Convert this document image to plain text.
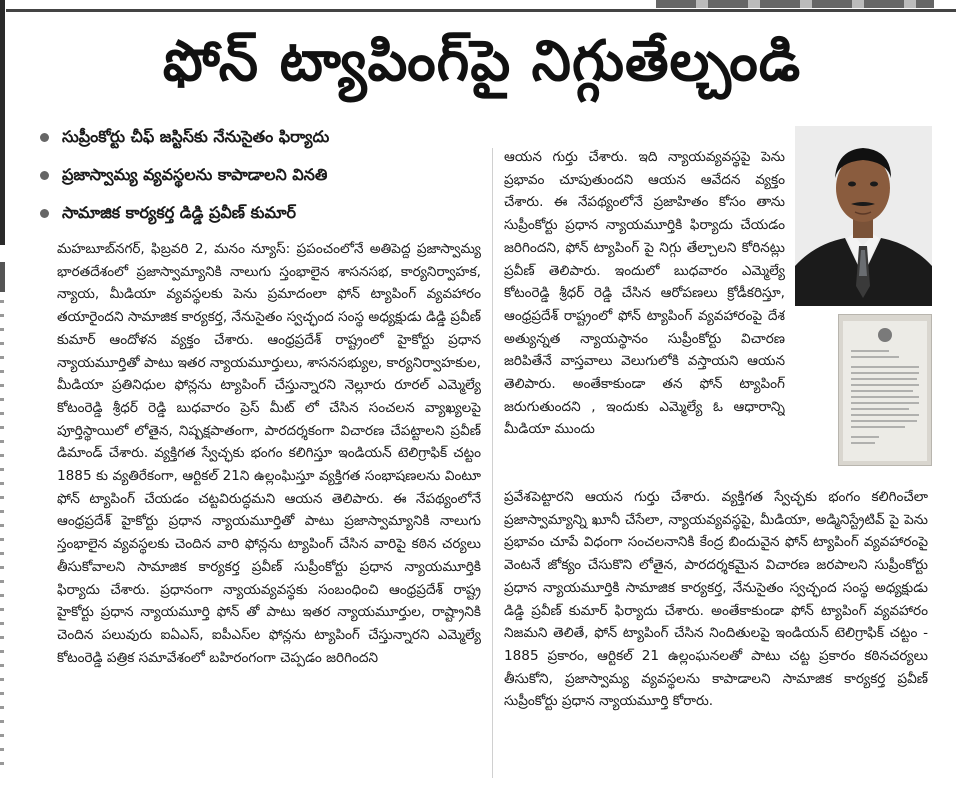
ఫోన్ ట్యాపింగ్‌పై నిగ్గుతేల్చండి
సుప్రీంకోర్టు చీఫ్ జస్టిస్‌కు నేనుసైతం ఫిర్యాదు
ప్రజాస్వామ్య వ్యవస్థలను కాపాడాలని వినతి
సామాజిక కార్యకర్త డిడ్డి ప్రవీణ్ కుమార్

మహబూబ్‌నగర్, ఫిబ్రవరి 2, మనం న్యూస్: ప్రపంచంలోనే అతిపెద్ద ప్రజాస్వామ్య భారతదేశంలో ప్రజాస్వామ్యానికి నాలుగు స్తంభాలైన శాసనసభ, కార్యనిర్వాహక, న్యాయ, మీడియా వ్యవస్థలకు పెను ప్రమాదంలా ఫోన్ ట్యాపింగ్ వ్యవహారం తయారైందని సామాజిక కార్యకర్త, నేనుసైతం స్వచ్ఛంద సంస్థ అధ్యక్షుడు డిడ్డి ప్రవీణ్ కుమార్ ఆందోళన వ్యక్తం చేశారు. ఆంధ్రప్రదేశ్ రాష్ట్రంలో హైకోర్టు ప్రధాన న్యాయమూర్తితో పాటు ఇతర న్యాయమూర్తులు, శాసనసభ్యుల, కార్యనిర్వాహకుల, మీడియా ప్రతినిధుల ఫోన్లను ట్యాపింగ్ చేస్తున్నారని నెల్లూరు రూరల్ ఎమ్మెల్యే కోటంరెడ్డి శ్రీధర్ రెడ్డి బుధవారం ప్రెస్ మీట్ లో చేసిన సంచలన వ్యాఖ్యలపై పూర్తిస్థాయిలో లోతైన, నిష్పక్షపాతంగా, పారదర్శకంగా విచారణ చేపట్టాలని ప్రవీణ్ డిమాండ్ చేశారు. వ్యక్తిగత స్వేచ్ఛకు భంగం కలిగిస్తూ ఇండియన్ టెలిగ్రాఫిక్ చట్టం 1885 కు వ్యతిరేకంగా, ఆర్టికల్ 21ని ఉల్లంఘిస్తూ వ్యక్తిగత సంభాషణలను వింటూ ఫోన్ ట్యాపింగ్ చేయడం చట్టవిరుద్ధమని ఆయన తెలిపారు. ఈ నేపథ్యంలోనే ఆంధ్రప్రదేశ్ హైకోర్టు ప్రధాన న్యాయమూర్తితో పాటు ప్రజాస్వామ్యానికి నాలుగు స్తంభాలైన వ్యవస్థలకు చెందిన వారి ఫోన్లను ట్యాపింగ్ చేసిన వారిపై కఠిన చర్యలు తీసుకోవాలని సామాజిక కార్యకర్త ప్రవీణ్ సుప్రీంకోర్టు ప్రధాన న్యాయమూర్తికి ఫిర్యాదు చేశారు. ప్రధానంగా న్యాయవ్యవస్థకు సంబంధించి ఆంధ్రప్రదేశ్ రాష్ట్ర హైకోర్టు ప్రధాన న్యాయమూర్తి ఫోన్ తో పాటు ఇతర న్యాయమూర్తుల, రాష్ట్రానికి చెందిన పలువురు ఐఏఎస్, ఐపీఎస్‌ల ఫోన్లను ట్యాపింగ్ చేస్తున్నారని ఎమ్మెల్యే కోటంరెడ్డి పత్రిక సమావేశంలో బహిరంగంగా చెప్పడం జరిగిందని

ఆయన గుర్తు చేశారు. ఇది న్యాయవ్యవస్థపై పెను ప్రభావం చూపుతుందని ఆయన ఆవేదన వ్యక్తం చేశారు. ఈ నేపథ్యంలోనే ప్రజాహితం కోసం తాను సుప్రీంకోర్టు ప్రధాన న్యాయమూర్తికి ఫిర్యాదు చేయడం జరిగిందని, ఫోన్ ట్యాపింగ్ పై నిగ్గు తేల్చాలని కోరినట్లు ప్రవీణ్ తెలిపారు. ఇందులో బుధవారం ఎమ్మెల్యే కోటంరెడ్డి శ్రీధర్ రెడ్డి చేసిన ఆరోపణలు క్రోడీకరిస్తూ, ఆంధ్రప్రదేశ్ రాష్ట్రంలో ఫోన్ ట్యాపింగ్ వ్యవహారంపై దేశ అత్యున్నత న్యాయస్థానం సుప్రీంకోర్టు విచారణ జరిపితేనే వాస్తవాలు వెలుగులోకి వస్తాయని ఆయన తెలిపారు. అంతేకాకుండా తన ఫోన్ ట్యాపింగ్ జరుగుతుందని , ఇందుకు ఎమ్మెల్యే ఓ ఆధారాన్ని మీడియా ముందు

ప్రవేశపెట్టారని ఆయన గుర్తు చేశారు. వ్యక్తిగత స్వేచ్ఛకు భంగం కలిగించేలా ప్రజాస్వామ్యాన్ని ఖూనీ చేసేలా, న్యాయవ్యవస్థపై, మీడియా, అడ్మినిస్ట్రేటివ్ పై పెను ప్రభావం చూపే విధంగా సంచలనానికి కేంద్ర బిందువైన ఫోన్ ట్యాపింగ్ వ్యవహారంపై వెంటనే జోక్యం చేసుకొని లోతైన, పారదర్శకమైన విచారణ జరపాలని సుప్రీంకోర్టు ప్రధాన న్యాయమూర్తికి సామాజిక కార్యకర్త, నేనుసైతం స్వచ్ఛంద సంస్థ అధ్యక్షుడు డిడ్డి ప్రవీణ్ కుమార్ ఫిర్యాదు చేశారు. అంతేకాకుండా ఫోన్ ట్యాపింగ్ వ్యవహారం నిజమని తెలితే, ఫోన్ ట్యాపింగ్ చేసిన నిందితులపై ఇండియన్ టెలిగ్రాఫిక్ చట్టం - 1885 ప్రకారం, ఆర్టికల్ 21 ఉల్లంఘనలతో పాటు చట్ట ప్రకారం కఠినచర్యలు తీసుకోని, ప్రజాస్వామ్య వ్యవస్థలను కాపాడాలని సామాజిక కార్యకర్త ప్రవీణ్ సుప్రీంకోర్టు ప్రధాన న్యాయమూర్తి కోరారు.
